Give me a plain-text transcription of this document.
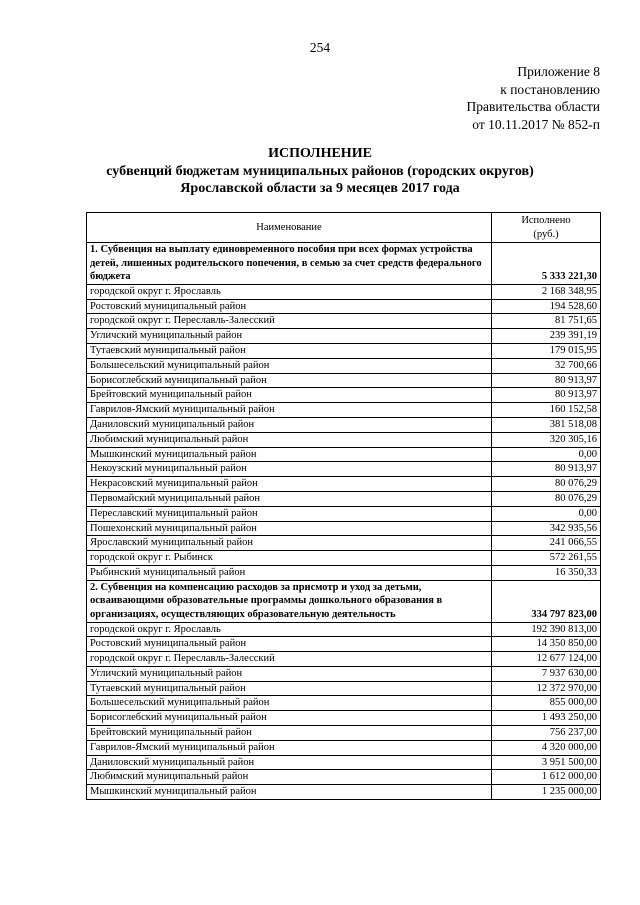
254
Приложение 8
к постановлению
Правительства области
от 10.11.2017 № 852-п
ИСПОЛНЕНИЕ
субвенций бюджетам муниципальных районов (городских округов)
Ярославской области за 9 месяцев 2017 года
Наименование	Исполнено
(руб.)
1. Субвенция на выплату единовременного пособия при всех формах устройства детей, лишенных родительского попечения, в семью за счет средств федерального бюджета	5 333 221,30
городской округ г. Ярославль	2 168 348,95
Ростовский муниципальный район	194 528,60
городской округ г. Переславль-Залесский	81 751,65
Угличский муниципальный район	239 391,19
Тутаевский муниципальный район	179 015,95
Большесельский муниципальный район	32 700,66
Борисоглебский муниципальный район	80 913,97
Брейтовский муниципальный район	80 913,97
Гаврилов-Ямский муниципальный район	160 152,58
Даниловский муниципальный район	381 518,08
Любимский муниципальный район	320 305,16
Мышкинский муниципальный район	0,00
Некоузский муниципальный район	80 913,97
Некрасовский муниципальный район	80 076,29
Первомайский муниципальный район	80 076,29
Переславский муниципальный район	0,00
Пошехонский муниципальный район	342 935,56
Ярославский муниципальный район	241 066,55
городской округ г. Рыбинск	572 261,55
Рыбинский муниципальный район	16 350,33
2. Субвенция на компенсацию расходов за присмотр и уход за детьми, осваивающими образовательные программы дошкольного образования в организациях, осуществляющих образовательную деятельность	334 797 823,00
городской округ г. Ярославль	192 390 813,00
Ростовский муниципальный район	14 350 850,00
городской округ г. Переславль-Залесский	12 677 124,00
Угличский муниципальный район	7 937 630,00
Тутаевский муниципальный район	12 372 970,00
Большесельский муниципальный район	855 000,00
Борисоглебский муниципальный район	1 493 250,00
Брейтовский муниципальный район	756 237,00
Гаврилов-Ямский муниципальный район	4 320 000,00
Даниловский муниципальный район	3 951 500,00
Любимский муниципальный район	1 612 000,00
Мышкинский муниципальный район	1 235 000,00
